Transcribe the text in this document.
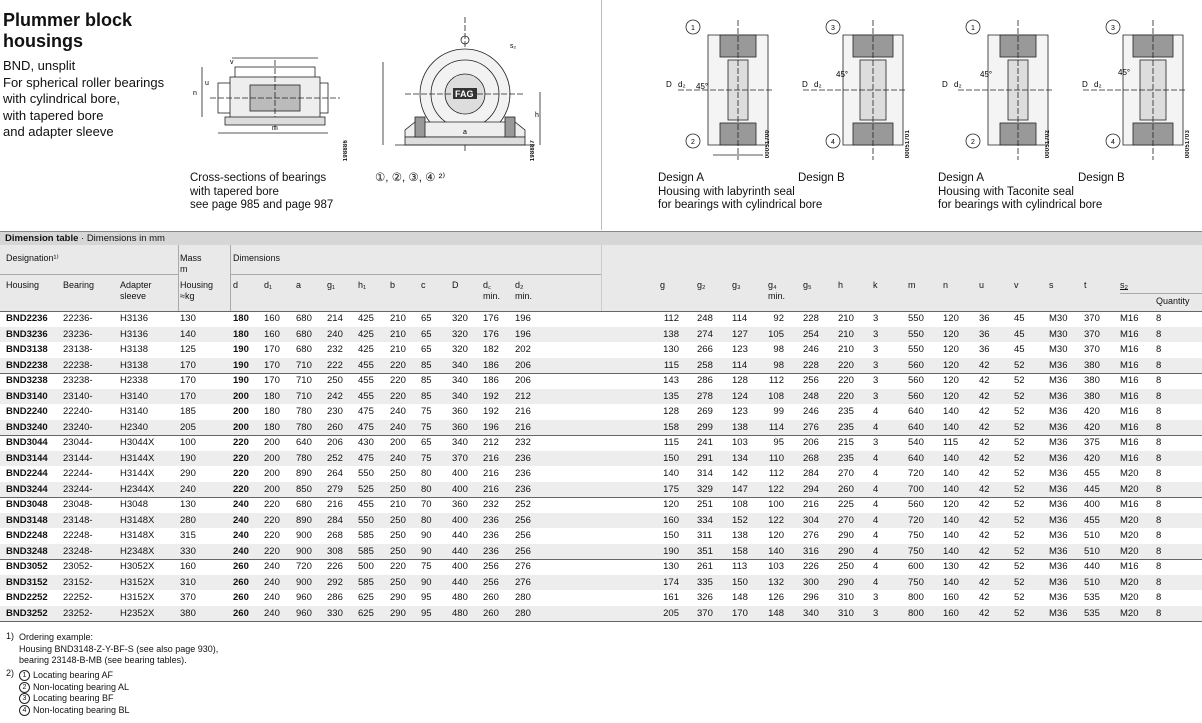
Plummer block housings
BND, unsplit
For spherical roller bearings
with cylindrical bore,
with tapered bore
and adapter sleeve
v
u
n
m
198886
Cross-sections of bearings
with tapered bore
see page 985 and page 987
FAG
s₂
a
h
198887
①, ②, ③, ④ ²⁾
45°
D d₂
1
2	00051700
45°
D d₂
3
4	00051701
45°
D d₂
1
2	00051702
45°
D d₂
3
4	00051703
Design A
Housing with labyrinth seal
for bearings with cylindrical bore
Design B	Design A
Housing with Taconite seal
for bearings with cylindrical bore
Design B
Dimension table · Dimensions in mm
Designation¹⁾	Mass
m
Dimensions
Housing	Bearing	Adapter
sleeve
Housing
≈kg
d	d₁	a	g₁	h₁	b	c	D	d꜀
min.
d₂
min.
g	g₂	g₃	g₄
min.
g₅	h	k	m	n	u	v	s	t	s₂
Quantity
BND2236	22236-	H3136	130	180	160	680	214	425	210	65	320	176	196	112 248	114	92 228	210	3	550	120	36	45	M30	370	M16	8
BND3236	23236-	H3136	140	180	160	680	240	425	210	65	320	176	196	138 274	127	105 254	210	3	550	120	36	45	M30	370	M16	8
BND3138	23138-	H3138	125	190	170	680	232	425	210	65	320	182	202	130 266	123	98 246	210	3	550	120	36	45	M30	370	M16	8
BND2238	22238-	H3138	170	190	170	710	222	455	220	85	340	186	206	115 258	114	98 228	220	3	560	120	42	52	M36	380	M16	8
BND3238	23238-	H2338	170	190	170	710	250	455	220	85	340	186	206	143 286	128	112 256	220	3	560	120	42	52	M36	380	M16	8
BND3140	23140-	H3140	170	200	180	710	242	455	220	85	340	192	212	135 278	124	108 248	220	3	560	120	42	52	M36	380	M16	8
BND2240	22240-	H3140	185	200	180	780	230	475	240	75	360	192	216	128 269	123	99 246	235	4	640	140	42	52	M36	420	M16	8
BND3240	23240-	H2340	205	200	180	780	260	475	240	75	360	196	216	158 299	138	114 276	235	4	640	140	42	52	M36	420	M16	8
BND3044	23044-	H3044X	100	220	200	640	206	430	200	65	340	212	232	115 241	103	95 206	215	3	540	115	42	52	M36	375	M16	8
BND3144	23144-	H3144X	190	220	200	780	252	475	240	75	370	216	236	150 291	134	110 268	235	4	640	140	42	52	M36	420	M16	8
BND2244	22244-	H3144X	290	220	200	890	264	550	250	80	400	216	236	140 314	142	112 284	270	4	720	140	42	52	M36	455	M20	8
BND3244	23244-	H2344X	240	220	200	850	279	525	250	80	400	216	236	175 329	147	122 294	260	4	700	140	42	52	M36	445	M20	8
BND3048	23048-	H3048	130	240	220	680	216	455	210	70	360	232	252	120 251	108	100 216	225	4	560	120	42	52	M36	400	M16	8
BND3148	23148-	H3148X	280	240	220	890	284	550	250	80	400	236	256	160 334	152	122 304	270	4	720	140	42	52	M36	455	M20	8
BND2248	22248-	H3148X	315	240	220	900	268	585	250	90	440	236	256	150 311	138	120 276	290	4	750	140	42	52	M36	510	M20	8
BND3248	23248-	H2348X	330	240	220	900	308	585	250	90	440	236	256	190 351	158	140 316	290	4	750	140	42	52	M36	510	M20	8
BND3052	23052-	H3052X	160	260	240	720	226	500	220	75	400	256	276	130 261	113	103 226	250	4	600	130	42	52	M36	440	M16	8
BND3152	23152-	H3152X	310	260	240	900	292	585	250	90	440	256	276	174 335	150	132 300	290	4	750	140	42	52	M36	510	M20	8
BND2252	22252-	H3152X	370	260	240	960	286	625	290	95	480	260	280	161 326	148	126 296	310	3	800	160	42	52	M36	535	M20	8
BND3252	23252-	H2352X	380	260	240	960	330	625	290	95	480	260	280	205 370	170	148 340	310	3	800	160	42	52	M36	535	M20	8
1) Ordering example:
Housing BND3148-Z-Y-BF-S (see also page 930),
bearing 23148-B-MB (see bearing tables).
2)	1 Locating bearing AF
2 Non-locating bearing AL
3 Locating bearing BF
4 Non-locating bearing BL
